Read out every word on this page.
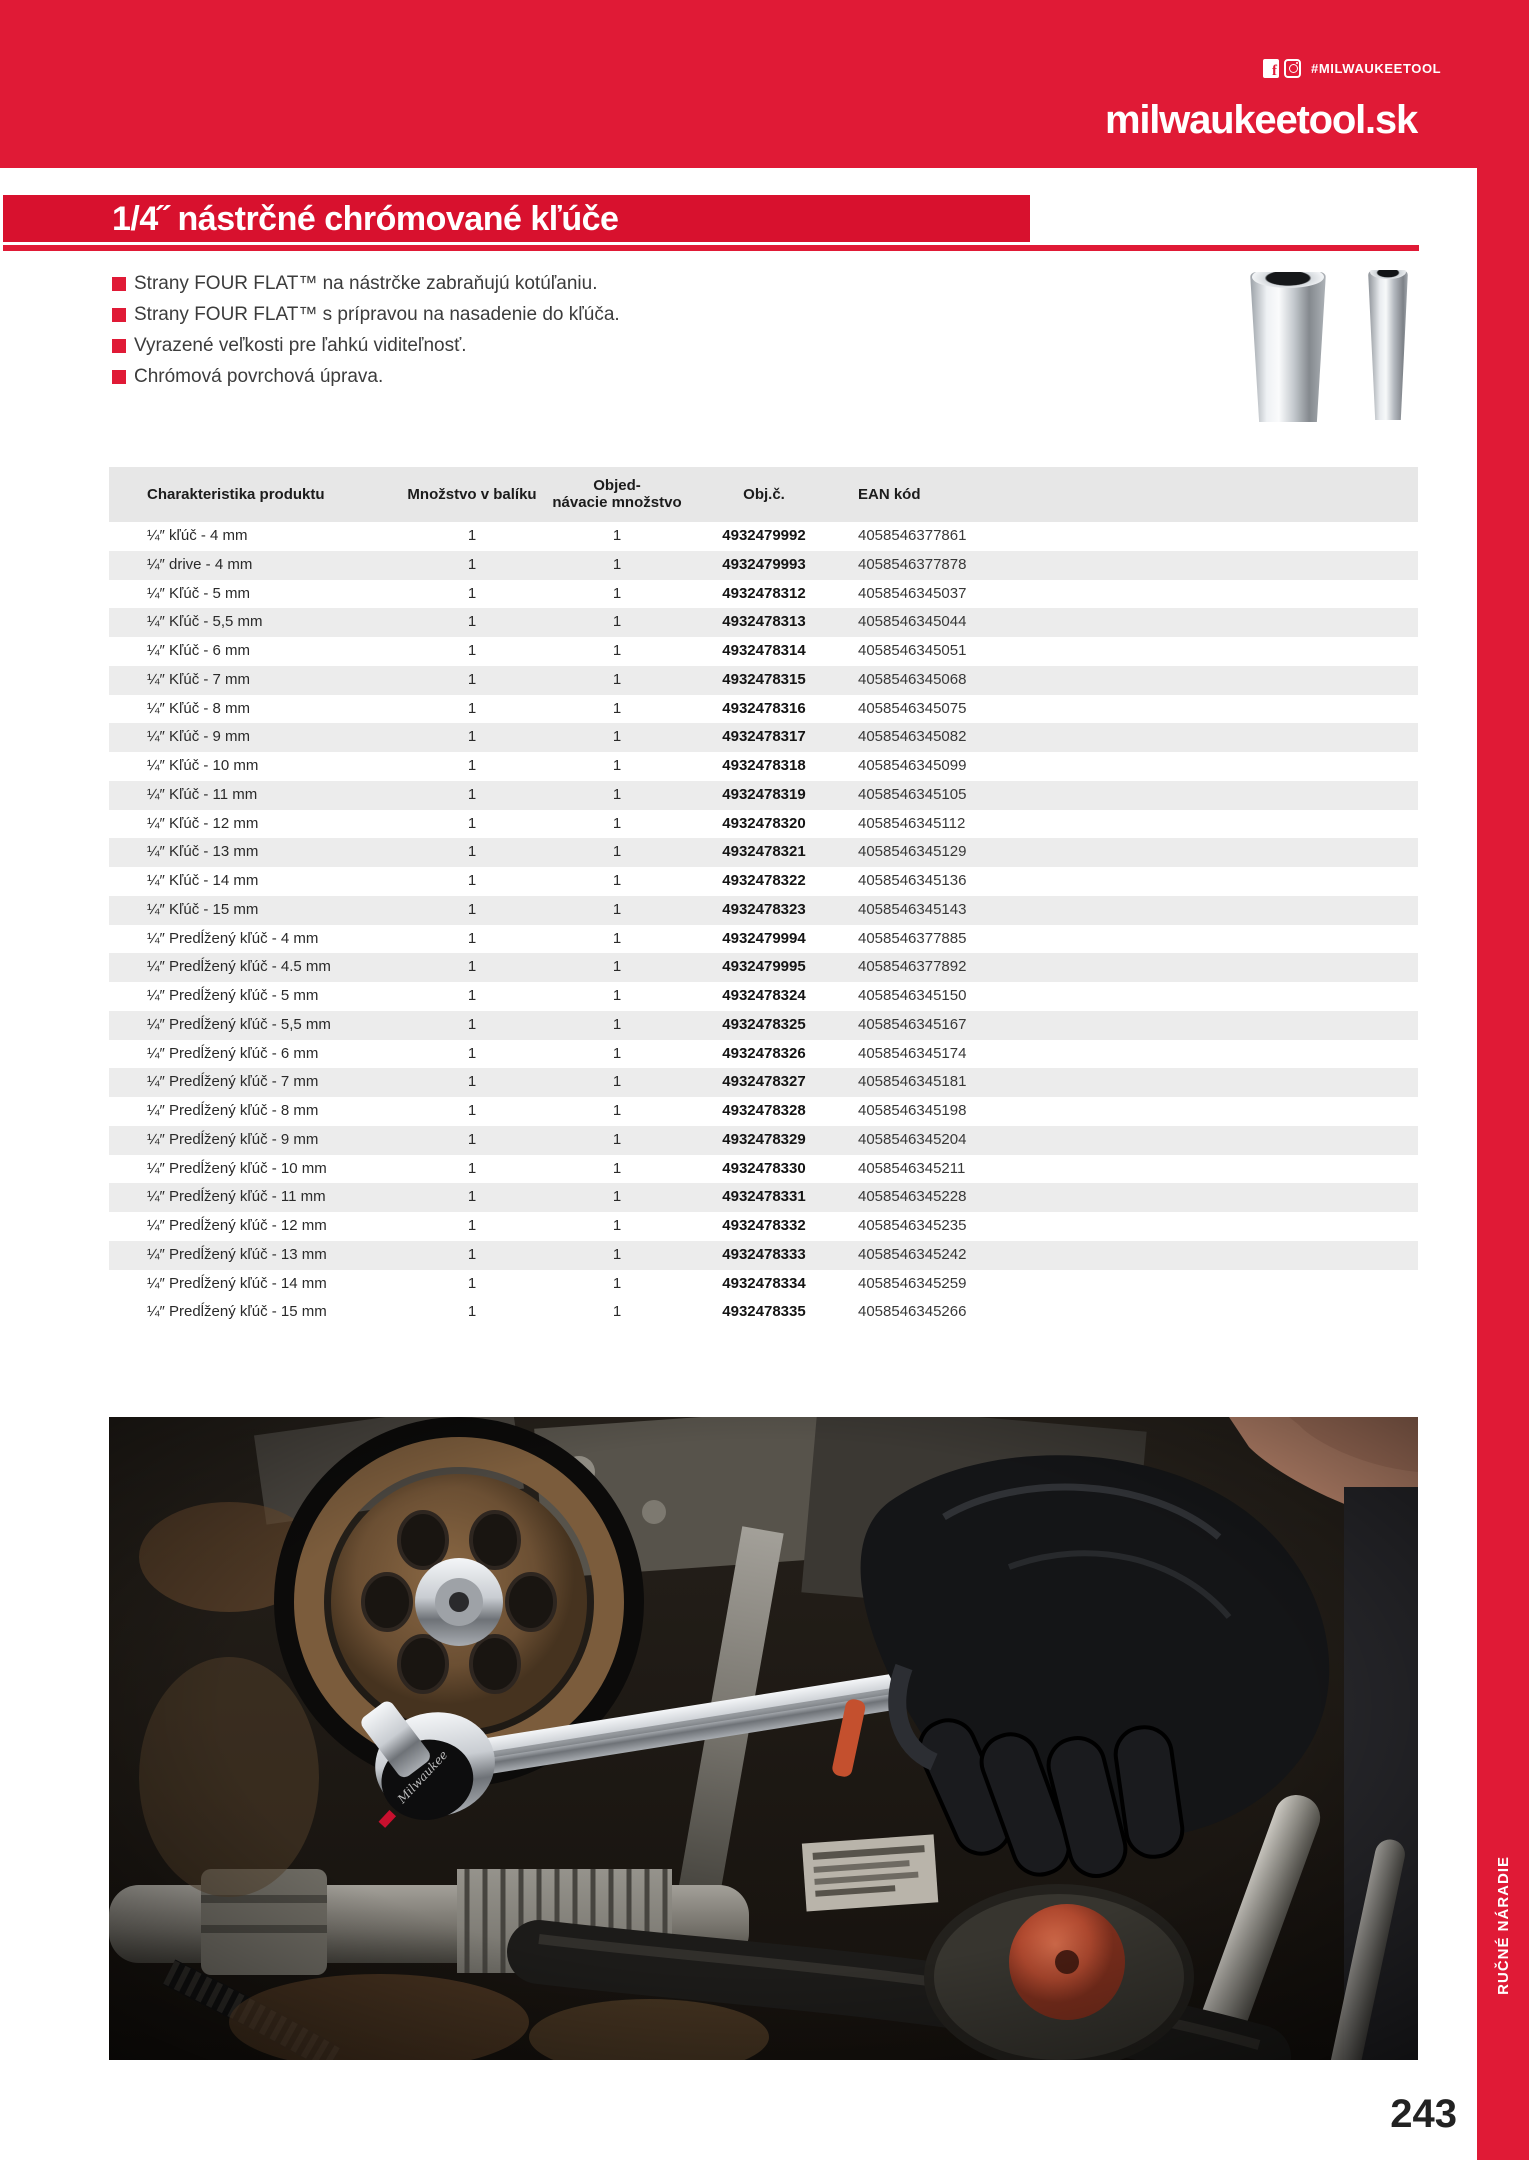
f
#MILWAUKEETOOL
milwaukeetool.sk
1/4˝ nástrčné chrómované kľúče
Strany FOUR FLAT™ na nástrčke zabraňujú kotúľaniu.
Strany FOUR FLAT™ s prípravou na nasadenie do kľúča.
Vyrazené veľkosti pre ľahkú viditeľnosť.
Chrómová povrchová úprava.
Charakteristika produktu	Množstvo v balíku
Objed-
návacie množstvo	Obj.č.	EAN kód
¼″ kľúč - 4 mm	1	1	4932479992	4058546377861
¼″ drive - 4 mm	1	1	4932479993	4058546377878
¼″ Kľúč - 5 mm	1	1	4932478312	4058546345037
¼″ Kľúč - 5,5 mm	1	1	4932478313	4058546345044
¼″ Kľúč - 6 mm	1	1	4932478314	4058546345051
¼″ Kľúč - 7 mm	1	1	4932478315	4058546345068
¼″ Kľúč - 8 mm	1	1	4932478316	4058546345075
¼″ Kľúč - 9 mm	1	1	4932478317	4058546345082
¼″ Kľúč - 10 mm	1	1	4932478318	4058546345099
¼″ Kľúč - 11 mm	1	1	4932478319	4058546345105
¼″ Kľúč - 12 mm	1	1	4932478320	4058546345112
¼″ Kľúč - 13 mm	1	1	4932478321	4058546345129
¼″ Kľúč - 14 mm	1	1	4932478322	4058546345136
¼″ Kľúč - 15 mm	1	1	4932478323	4058546345143
¼″ Predĺžený kľúč - 4 mm	1	1	4932479994	4058546377885
¼″ Predĺžený kľúč - 4.5 mm	1	1	4932479995	4058546377892
¼″ Predĺžený kľúč - 5 mm	1	1	4932478324	4058546345150
¼″ Predĺžený kľúč - 5,5 mm	1	1	4932478325	4058546345167
¼″ Predĺžený kľúč - 6 mm	1	1	4932478326	4058546345174
¼″ Predĺžený kľúč - 7 mm	1	1	4932478327	4058546345181
¼″ Predĺžený kľúč - 8 mm	1	1	4932478328	4058546345198
¼″ Predĺžený kľúč - 9 mm	1	1	4932478329	4058546345204
¼″ Predĺžený kľúč - 10 mm	1	1	4932478330	4058546345211
¼″ Predĺžený kľúč - 11 mm	1	1	4932478331	4058546345228
¼″ Predĺžený kľúč - 12 mm	1	1	4932478332	4058546345235
¼″ Predĺžený kľúč - 13 mm	1	1	4932478333	4058546345242
¼″ Predĺžený kľúč - 14 mm	1	1	4932478334	4058546345259
¼″ Predĺžený kľúč - 15 mm	1	1	4932478335	4058546345266
243
RUČNÉ NÁRADIE
